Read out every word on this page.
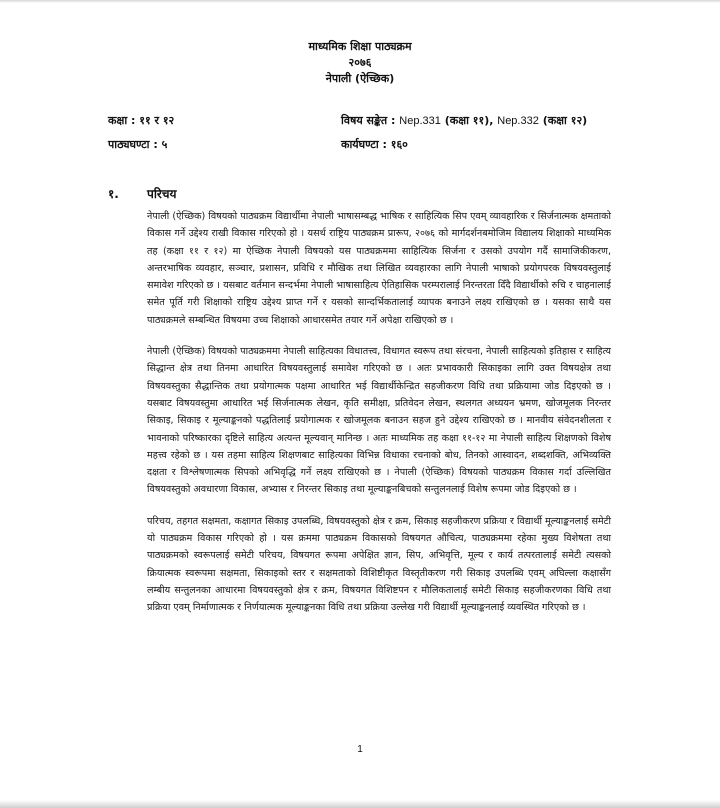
माध्यमिक शिक्षा पाठ्यक्रम
२०७६
नेपाली (ऐच्छिक)
कक्षा : ११ र १२	विषय सङ्केत : Nep.331 (कक्षा ११), Nep.332 (कक्षा १२)
पाठ्यघण्टा : ५	कार्यघण्टा : १६०
१. परिचय

नेपाली (ऐच्छिक) विषयको पाठ्यक्रम विद्यार्थीमा नेपाली भाषासम्बद्ध भाषिक र साहित्यिक सिप एवम् व्यावहारिक र सिर्जनात्मक क्षमताको विकास गर्ने उद्देश्य राखी विकास गरिएको हो । यसर्थ राष्ट्रिय पाठ्यक्रम प्रारूप, २०७६ को मार्गदर्शनबमोजिम विद्यालय शिक्षाको माध्यमिक तह (कक्षा ११ र १२) मा ऐच्छिक नेपाली विषयको यस पाठ्यक्रममा साहित्यिक सिर्जना र उसको उपयोग गर्दै सामाजिकीकरण, अन्तरभाषिक व्यवहार, सञ्चार, प्रशासन, प्रविधि र मौखिक तथा लिखित व्यवहारका लागि नेपाली भाषाको प्रयोगपरक विषयवस्तुलाई समावेश गरिएको छ । यसबाट वर्तमान सन्दर्भमा नेपाली भाषासाहित्य ऐतिहासिक परम्परालाई निरन्तरता दिँदै विद्यार्थीको रुचि र चाहनालाई समेत पूर्ति गरी शिक्षाको राष्ट्रिय उद्देश्य प्राप्त गर्ने र यसको सान्दर्भिकतालाई व्यापक बनाउने लक्ष्य राखिएको छ । यसका साथै यस पाठ्यक्रमले सम्बन्धित विषयमा उच्च शिक्षाको आधारसमेत तयार गर्ने अपेक्षा राखिएको छ ।

नेपाली (ऐच्छिक) विषयको पाठ्यक्रममा नेपाली साहित्यका विधातत्त्व, विधागत स्वरूप तथा संरचना, नेपाली साहित्यको इतिहास र साहित्य सिद्धान्त क्षेत्र तथा तिनमा आधारित विषयवस्तुलाई समावेश गरिएको छ । अतः प्रभावकारी सिकाइका लागि उक्त विषयक्षेत्र तथा विषयवस्तुका सैद्धान्तिक तथा प्रयोगात्मक पक्षमा आधारित भई विद्यार्थीकेन्द्रित सहजीकरण विधि तथा प्रक्रियामा जोड दिइएको छ । यसबाट विषयवस्तुमा आधारित भई सिर्जनात्मक लेखन, कृति समीक्षा, प्रतिवेदन लेखन, स्थलगत अध्ययन भ्रमण, खोजमूलक निरन्तर सिकाइ, सिकाइ र मूल्याङ्कनको पद्धतिलाई प्रयोगात्मक र खोजमूलक बनाउन सहज हुने उद्देश्य राखिएको छ । मानवीय संवेदनशीलता र भावनाको परिष्कारका दृष्टिले साहित्य अत्यन्त मूल्यवान् मानिन्छ । अतः माध्यमिक तह कक्षा ११-१२ मा नेपाली साहित्य शिक्षणको विशेष महत्त्व रहेको छ । यस तहमा साहित्य शिक्षणबाट साहित्यका विभिन्न विधाका रचनाको बोध, तिनको आस्वादन, शब्दशक्ति, अभिव्यक्ति दक्षता र विश्लेषणात्मक सिपको अभिवृद्धि गर्ने लक्ष्य राखिएको छ । नेपाली (ऐच्छिक) विषयको पाठ्यक्रम विकास गर्दा उल्लिखित विषयवस्तुको अवधारणा विकास, अभ्यास र निरन्तर सिकाइ तथा मूल्याङ्कनबिचको सन्तुलनलाई विशेष रूपमा जोड दिइएको छ ।

परिचय, तहगत सक्षमता, कक्षागत सिकाइ उपलब्धि, विषयवस्तुको क्षेत्र र क्रम, सिकाइ सहजीकरण प्रक्रिया र विद्यार्थी मूल्याङ्कनलाई समेटी यो पाठ्यक्रम विकास गरिएको हो । यस क्रममा पाठ्यक्रम विकासको विषयगत औचित्य, पाठ्यक्रममा रहेका मुख्य विशेषता तथा पाठ्यक्रमको स्वरूपलाई समेटी परिचय, विषयगत रूपमा अपेक्षित ज्ञान, सिप, अभिवृत्ति, मूल्य र कार्य तत्परतालाई समेटी त्यसको क्रियात्मक स्वरूपमा सक्षमता, सिकाइको स्तर र सक्षमताको विशिष्टीकृत विस्तृतीकरण गरी सिकाइ उपलब्धि एवम् अघिल्ला कक्षासँग लम्बीय सन्तुलनका आधारमा विषयवस्तुको क्षेत्र र क्रम, विषयगत विशिष्टपन र मौलिकतालाई समेटी सिकाइ सहजीकरणका विधि तथा प्रक्रिया एवम् निर्माणात्मक र निर्णयात्मक मूल्याङ्कनका विधि तथा प्रक्रिया उल्लेख गरी विद्यार्थी मूल्याङ्कनलाई व्यवस्थित गरिएको छ ।

1
